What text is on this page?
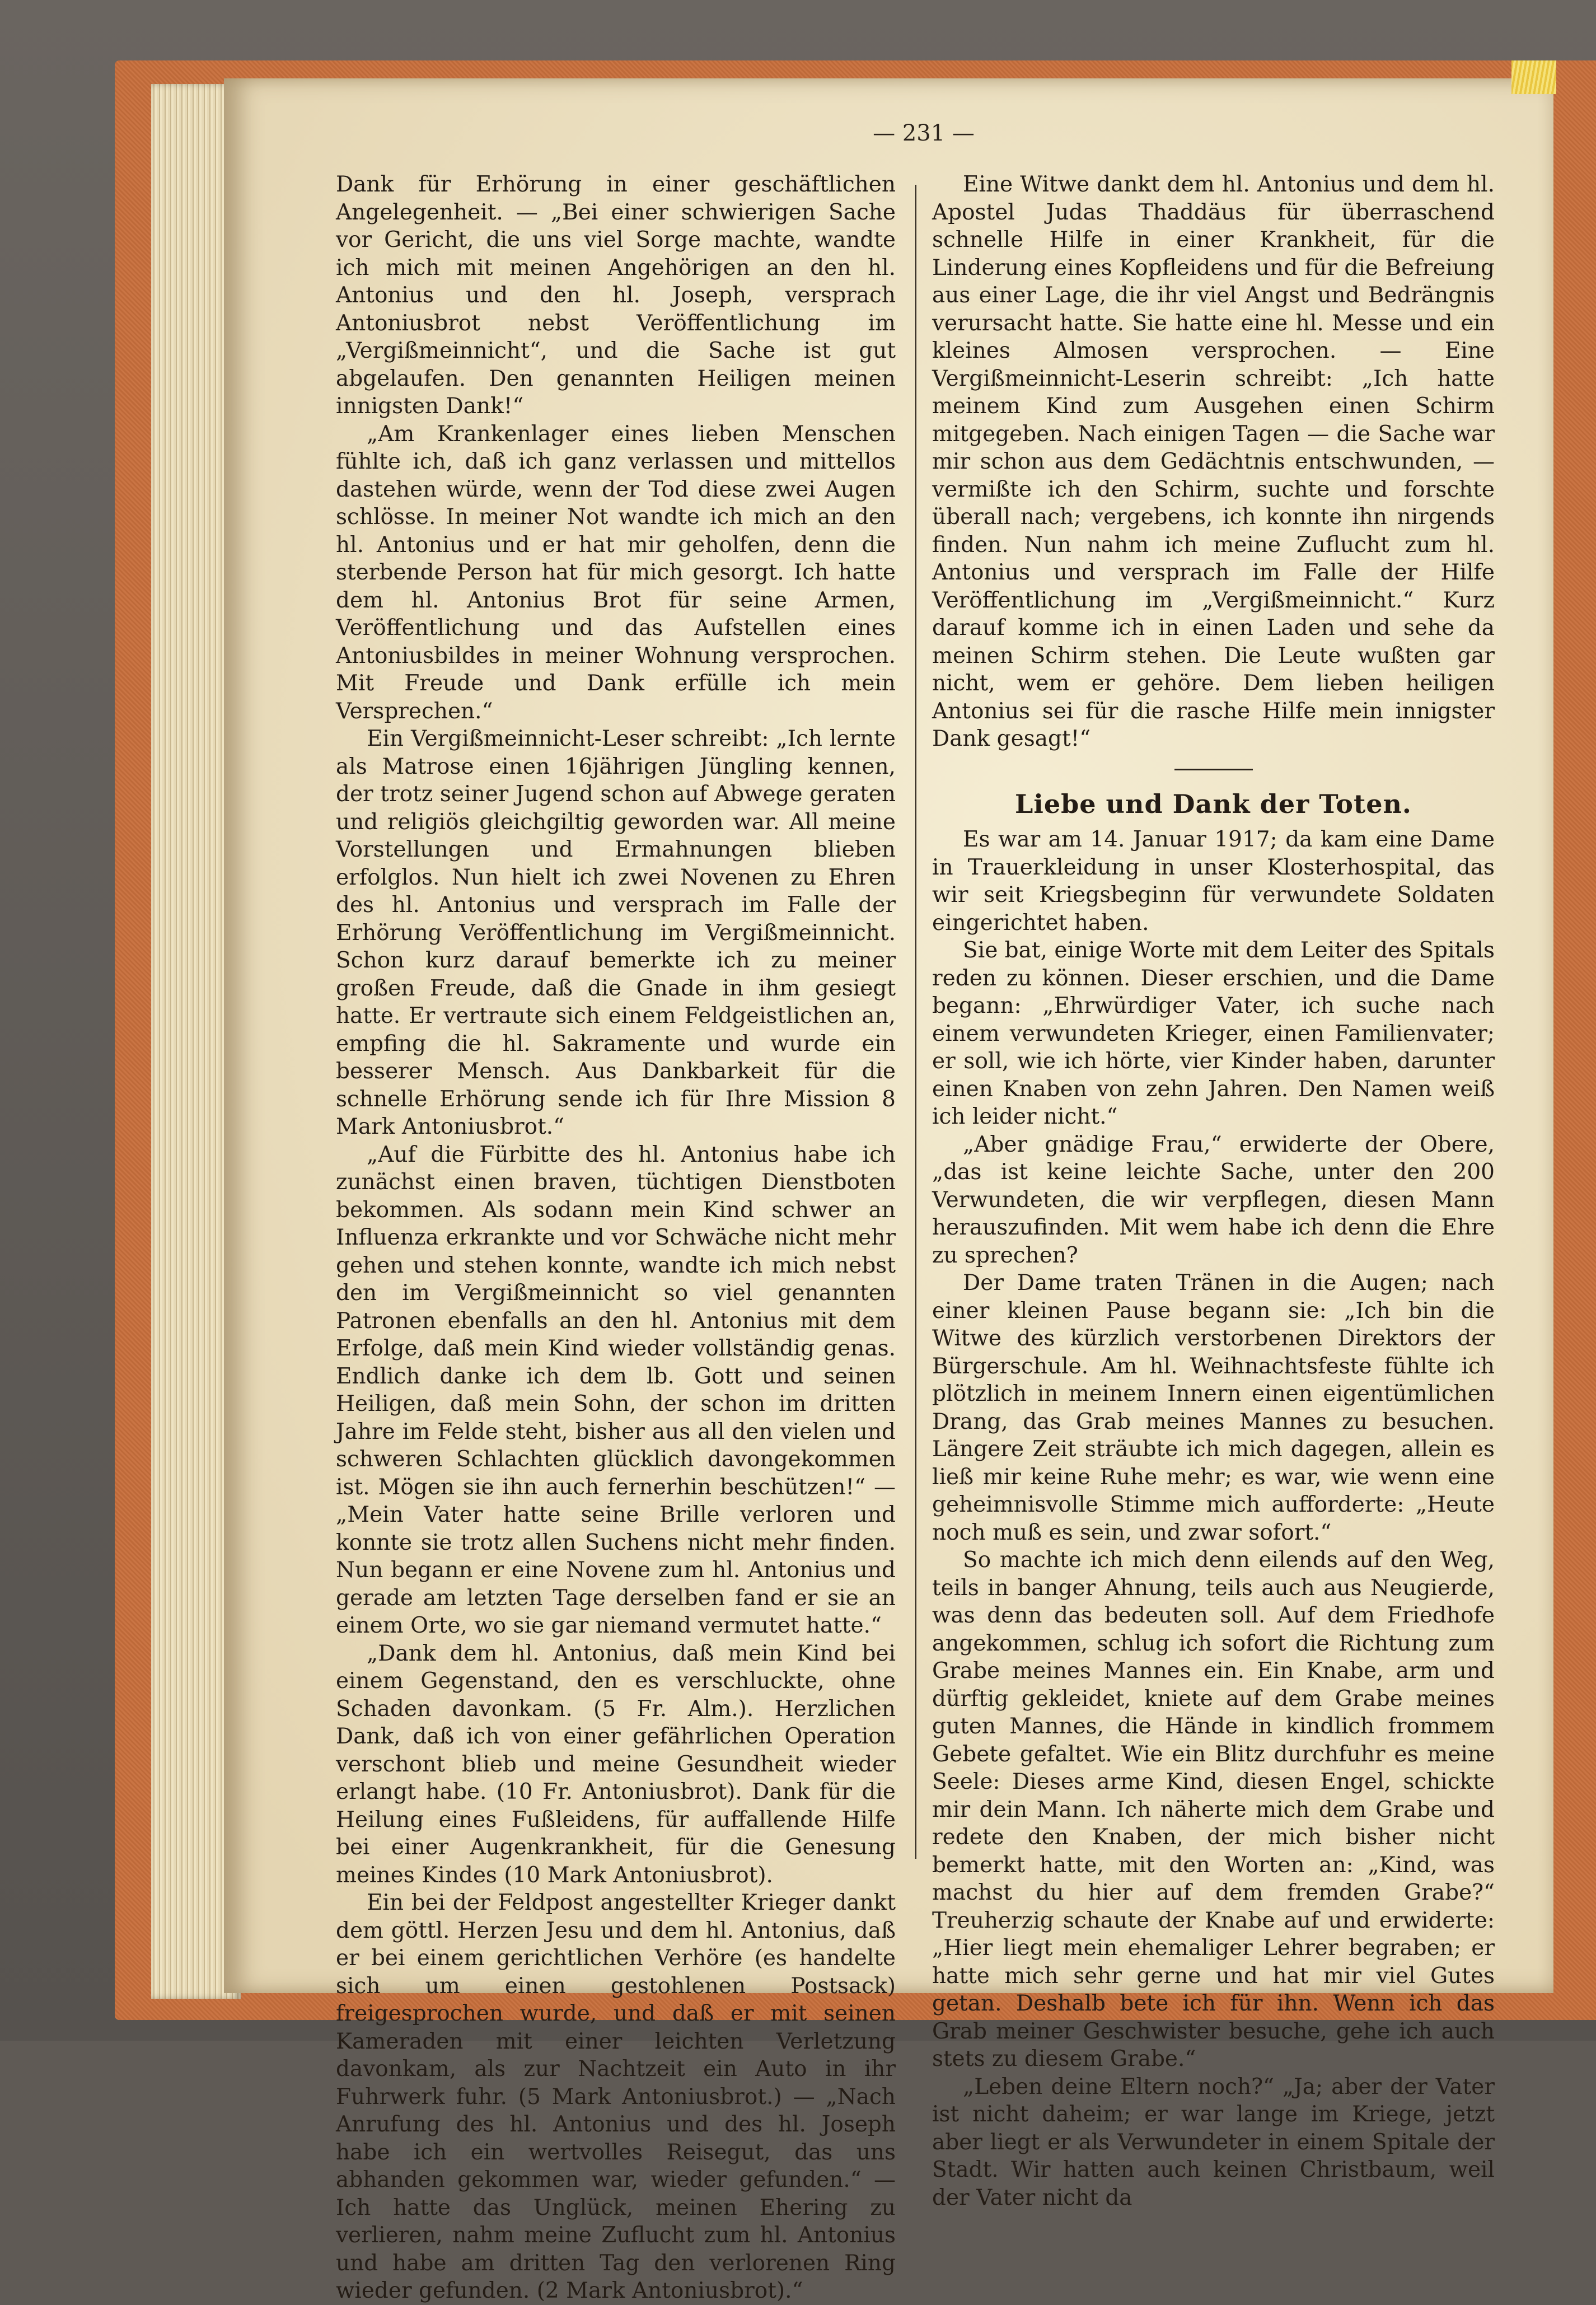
— 231 —

Dank für Erhörung in einer geschäftlichen Angelegenheit. — „Bei einer schwierigen Sache vor Gericht, die uns viel Sorge machte, wandte ich mich mit meinen Angehörigen an den hl. Antonius und den hl. Joseph, versprach Antoniusbrot nebst Veröffentlichung im „Vergißmeinnicht“, und die Sache ist gut abgelaufen. Den genannten Heiligen meinen innigsten Dank!“

„Am Krankenlager eines lieben Menschen fühlte ich, daß ich ganz verlassen und mittellos dastehen würde, wenn der Tod diese zwei Augen schlösse. In meiner Not wandte ich mich an den hl. Antonius und er hat mir geholfen, denn die sterbende Person hat für mich gesorgt. Ich hatte dem hl. Antonius Brot für seine Armen, Veröffentlichung und das Aufstellen eines Antoniusbildes in meiner Wohnung versprochen. Mit Freude und Dank erfülle ich mein Versprechen.“

Ein Vergißmeinnicht-Leser schreibt: „Ich lernte als Matrose einen 16jährigen Jüngling kennen, der trotz seiner Jugend schon auf Abwege geraten und religiös gleichgiltig geworden war. All meine Vorstellungen und Ermahnungen blieben erfolglos. Nun hielt ich zwei Novenen zu Ehren des hl. Antonius und versprach im Falle der Erhörung Veröffentlichung im Vergißmeinnicht. Schon kurz darauf bemerkte ich zu meiner großen Freude, daß die Gnade in ihm gesiegt hatte. Er vertraute sich einem Feldgeistlichen an, empfing die hl. Sakramente und wurde ein besserer Mensch. Aus Dankbarkeit für die schnelle Erhörung sende ich für Ihre Mission 8 Mark Antoniusbrot.“

„Auf die Fürbitte des hl. Antonius habe ich zunächst einen braven, tüchtigen Dienstboten bekommen. Als sodann mein Kind schwer an Influenza erkrankte und vor Schwäche nicht mehr gehen und stehen konnte, wandte ich mich nebst den im Vergißmeinnicht so viel genannten Patronen ebenfalls an den hl. Antonius mit dem Erfolge, daß mein Kind wieder vollständig genas. Endlich danke ich dem lb. Gott und seinen Heiligen, daß mein Sohn, der schon im dritten Jahre im Felde steht, bisher aus all den vielen und schweren Schlachten glücklich davongekommen ist. Mögen sie ihn auch fernerhin beschützen!“ — „Mein Vater hatte seine Brille verloren und konnte sie trotz allen Suchens nicht mehr finden. Nun begann er eine Novene zum hl. Antonius und gerade am letzten Tage derselben fand er sie an einem Orte, wo sie gar niemand vermutet hatte.“

„Dank dem hl. Antonius, daß mein Kind bei einem Gegenstand, den es verschluckte, ohne Schaden davonkam. (5 Fr. Alm.). Herzlichen Dank, daß ich von einer gefährlichen Operation verschont blieb und meine Gesundheit wieder erlangt habe. (10 Fr. Antoniusbrot). Dank für die Heilung eines Fußleidens, für auffallende Hilfe bei einer Augenkrankheit, für die Genesung meines Kindes (10 Mark Antoniusbrot).

Ein bei der Feldpost angestellter Krieger dankt dem göttl. Herzen Jesu und dem hl. Antonius, daß er bei einem gerichtlichen Verhöre (es handelte sich um einen gestohlenen Postsack) freigesprochen wurde, und daß er mit seinen Kameraden mit einer leichten Verletzung davonkam, als zur Nachtzeit ein Auto in ihr Fuhrwerk fuhr. (5 Mark Antoniusbrot.) — „Nach Anrufung des hl. Antonius und des hl. Joseph habe ich ein wertvolles Reisegut, das uns abhanden gekommen war, wieder gefunden.“ — Ich hatte das Unglück, meinen Ehering zu verlieren, nahm meine Zuflucht zum hl. Antonius und habe am dritten Tag den verlorenen Ring wieder gefunden. (2 Mark Antoniusbrot).“

Eine Witwe dankt dem hl. Antonius und dem hl. Apostel Judas Thaddäus für überraschend schnelle Hilfe in einer Krankheit, für die Linderung eines Kopfleidens und für die Befreiung aus einer Lage, die ihr viel Angst und Bedrängnis verursacht hatte. Sie hatte eine hl. Messe und ein kleines Almosen versprochen. — Eine Vergißmeinnicht-Leserin schreibt: „Ich hatte meinem Kind zum Ausgehen einen Schirm mitgegeben. Nach einigen Tagen — die Sache war mir schon aus dem Gedächtnis entschwunden, — vermißte ich den Schirm, suchte und forschte überall nach; vergebens, ich konnte ihn nirgends finden. Nun nahm ich meine Zuflucht zum hl. Antonius und versprach im Falle der Hilfe Veröffentlichung im „Vergißmeinnicht.“ Kurz darauf komme ich in einen Laden und sehe da meinen Schirm stehen. Die Leute wußten gar nicht, wem er gehöre. Dem lieben heiligen Antonius sei für die rasche Hilfe mein innigster Dank gesagt!“

Liebe und Dank der Toten.

Es war am 14. Januar 1917; da kam eine Dame in Trauerkleidung in unser Klosterhospital, das wir seit Kriegsbeginn für verwundete Soldaten eingerichtet haben.

Sie bat, einige Worte mit dem Leiter des Spitals reden zu können. Dieser erschien, und die Dame begann: „Ehrwürdiger Vater, ich suche nach einem verwundeten Krieger, einen Familienvater; er soll, wie ich hörte, vier Kinder haben, darunter einen Knaben von zehn Jahren. Den Namen weiß ich leider nicht.“

„Aber gnädige Frau,“ erwiderte der Obere, „das ist keine leichte Sache, unter den 200 Verwundeten, die wir verpflegen, diesen Mann herauszufinden. Mit wem habe ich denn die Ehre zu sprechen?

Der Dame traten Tränen in die Augen; nach einer kleinen Pause begann sie: „Ich bin die Witwe des kürzlich verstorbenen Direktors der Bürgerschule. Am hl. Weihnachtsfeste fühlte ich plötzlich in meinem Innern einen eigentümlichen Drang, das Grab meines Mannes zu besuchen. Längere Zeit sträubte ich mich dagegen, allein es ließ mir keine Ruhe mehr; es war, wie wenn eine geheimnisvolle Stimme mich aufforderte: „Heute noch muß es sein, und zwar sofort.“

So machte ich mich denn eilends auf den Weg, teils in banger Ahnung, teils auch aus Neugierde, was denn das bedeuten soll. Auf dem Friedhofe angekommen, schlug ich sofort die Richtung zum Grabe meines Mannes ein. Ein Knabe, arm und dürftig gekleidet, kniete auf dem Grabe meines guten Mannes, die Hände in kindlich frommem Gebete gefaltet. Wie ein Blitz durchfuhr es meine Seele: Dieses arme Kind, diesen Engel, schickte mir dein Mann. Ich näherte mich dem Grabe und redete den Knaben, der mich bisher nicht bemerkt hatte, mit den Worten an: „Kind, was machst du hier auf dem fremden Grabe?“ Treuherzig schaute der Knabe auf und erwiderte: „Hier liegt mein ehemaliger Lehrer begraben; er hatte mich sehr gerne und hat mir viel Gutes getan. Deshalb bete ich für ihn. Wenn ich das Grab meiner Geschwister besuche, gehe ich auch stets zu diesem Grabe.“

„Leben deine Eltern noch?“ „Ja; aber der Vater ist nicht daheim; er war lange im Kriege, jetzt aber liegt er als Verwundeter in einem Spitale der Stadt. Wir hatten auch keinen Christbaum, weil der Vater nicht da
